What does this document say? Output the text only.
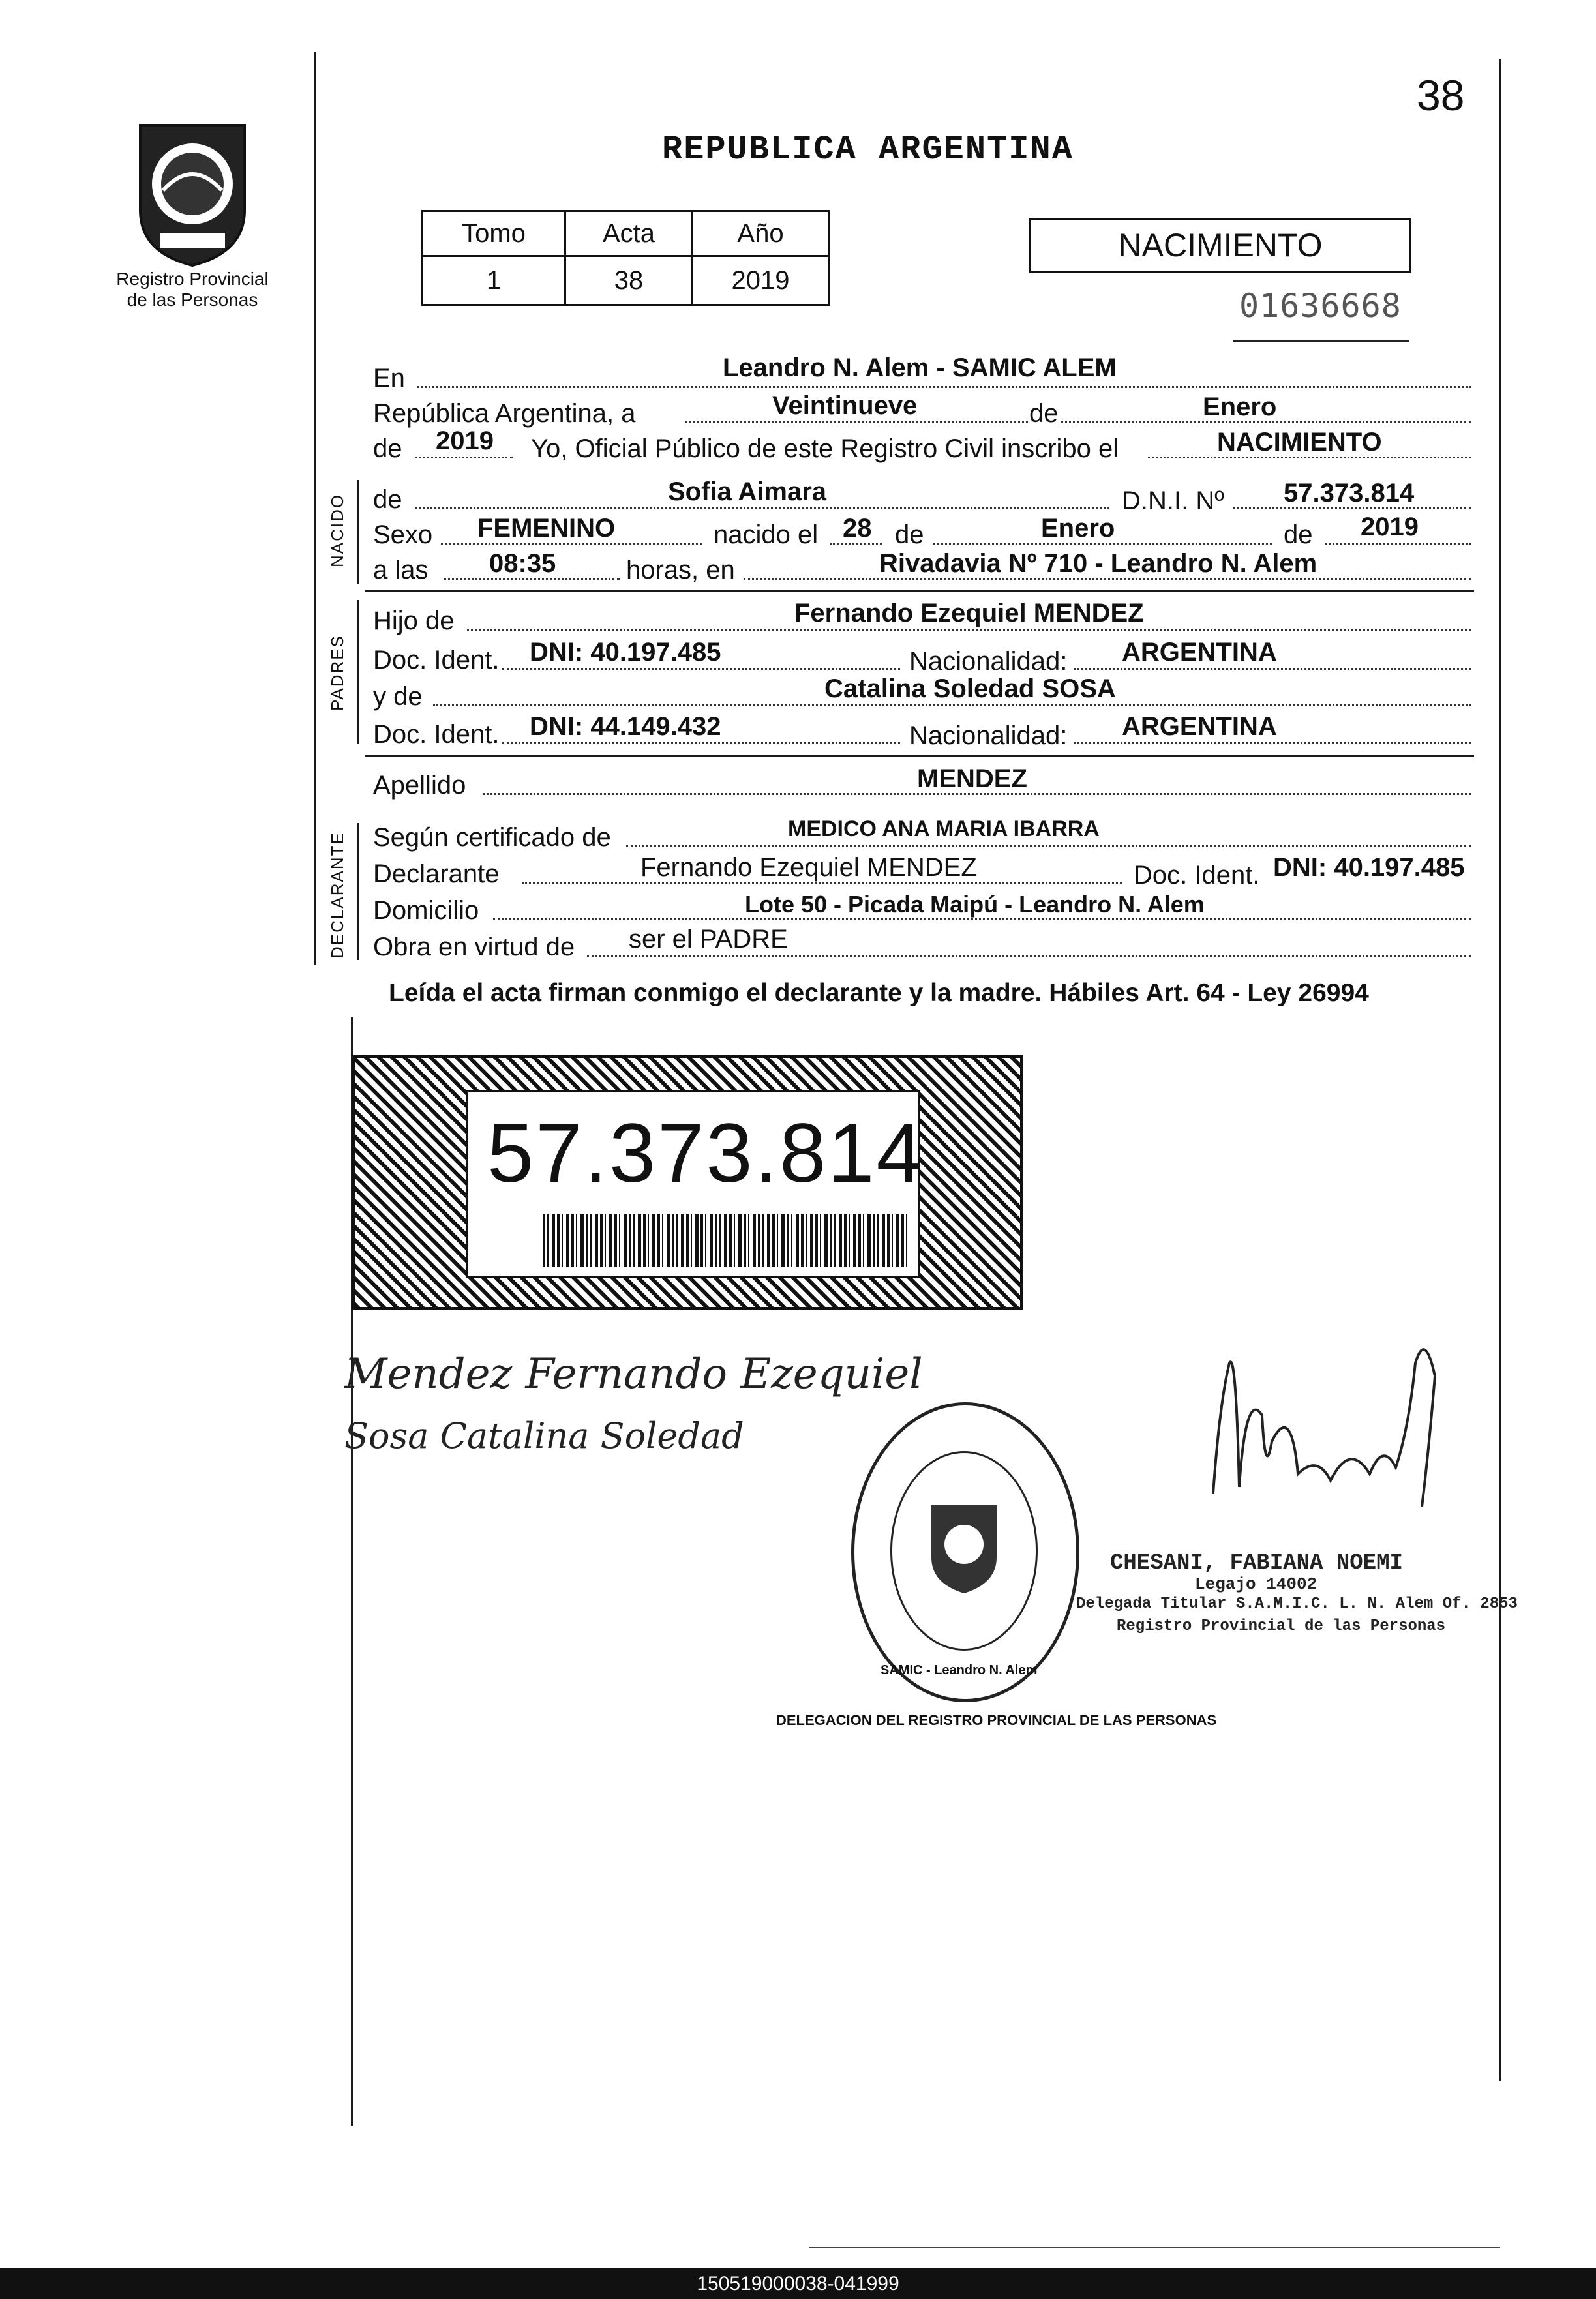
38
REPUBLICA ARGENTINA
Registro Provincial
de las Personas
Tomo	Acta	Año
1	38	2019
NACIMIENTO
01636668
En	Leandro N. Alem - SAMIC ALEM
República Argentina, a	Veintinueve	de	Enero
de 2019 Yo, Oficial Público de este Registro Civil inscribo el	NACIMIENTO
NACIDO de	Sofia Aimara	D.N.I. Nº 57.373.814
Sexo FEMENINO	nacido el 28 de	Enero	de 2019
a las 08:35	horas, en	Rivadavia Nº 710 - Leandro N. Alem
PADRES
Hijo de	Fernando Ezequiel MENDEZ
Doc. Ident. DNI: 40.197.485	Nacionalidad: ARGENTINA
y de	Catalina Soledad SOSA
Doc. Ident. DNI: 44.149.432	Nacionalidad: ARGENTINA
Apellido	MENDEZ
DECLARANTE Según certificado de	MEDICO ANA MARIA IBARRA
Declarante	Fernando Ezequiel MENDEZ	Doc. Ident. DNI: 40.197.485
Domicilio	Lote 50 - Picada Maipú - Leandro N. Alem
Obra en virtud de ser el PADRE
Leída el acta firman conmigo el declarante y la madre. Hábiles Art. 64 - Ley 26994
57.373.814
Mendez Fernando Ezequiel
Sosa Catalina Soledad
DELEGACION DEL REGISTRO PROVINCIAL DE LAS PERSONAS
SAMIC - Leandro N. Alem
CHESANI, FABIANA NOEMI
Legajo 14002
Delegada Titular S.A.M.I.C. L. N. Alem Of. 2853
Registro Provincial de las Personas
150519000038-041999
